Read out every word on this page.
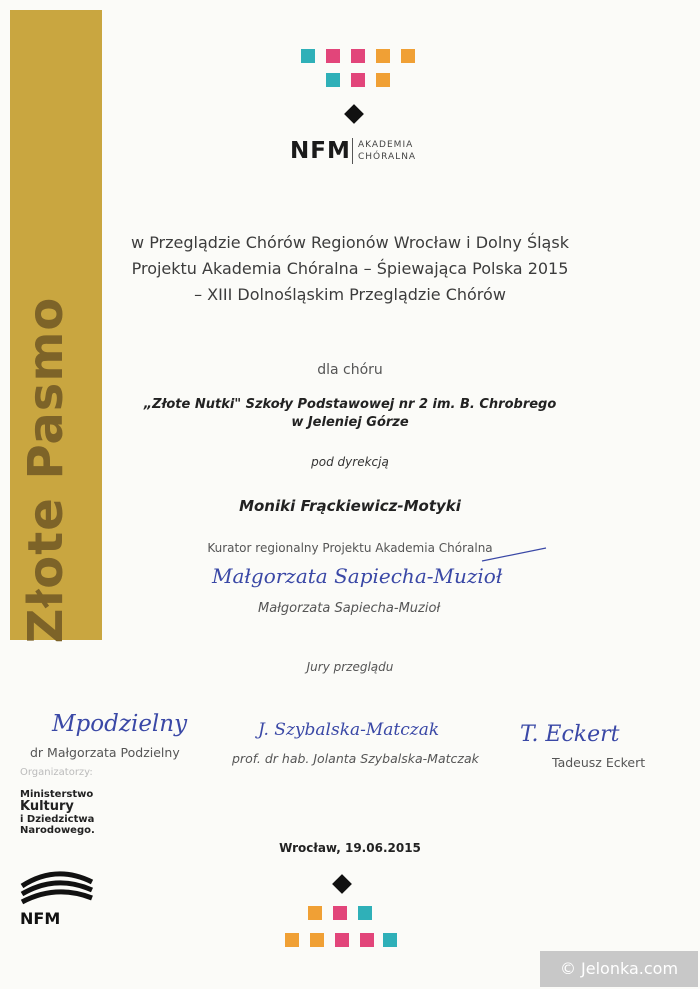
Złote Pasmo
NFM AKADEMIA
CHÓRALNA
w Przeglądzie Chórów Regionów Wrocław i Dolny Śląsk
Projektu Akademia Chóralna – Śpiewająca Polska 2015
– XIII Dolnośląskim Przeglądzie Chórów
dla chóru
„Złote Nutki" Szkoły Podstawowej nr 2 im. B. Chrobrego
w Jeleniej Górze
pod dyrekcją
Moniki Frąckiewicz-Motyki
Kurator regionalny Projektu Akademia Chóralna
Małgorzata Sapiecha-Muzioł
Małgorzata Sapiecha-Muzioł
Jury przeglądu
Mpodzielny
dr Małgorzata Podzielny
J. Szybalska-Matczak
prof. dr hab. Jolanta Szybalska-Matczak
T. Eckert
Tadeusz Eckert
Organizatorzy:
Ministerstwo
Kultury
i Dziedzictwa
Narodowego.
NFM
Wrocław, 19.06.2015
© Jelonka.com
